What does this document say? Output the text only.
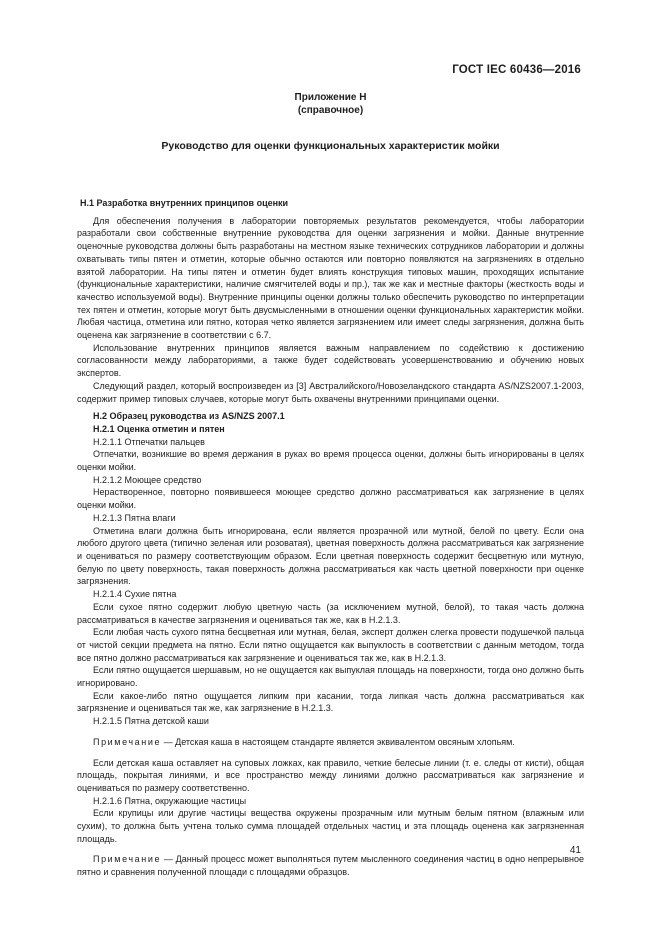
ГОСТ IEC 60436—2016
Приложение Н
(справочное)
Руководство для оценки функциональных характеристик мойки
Н.1 Разработка внутренних принципов оценки

Для обеспечения получения в лаборатории повторяемых результатов рекомендуется, чтобы лаборатории разработали свои собственные внутренние руководства для оценки загрязнения и мойки. Данные внутренние оценочные руководства должны быть разработаны на местном языке технических сотрудников лаборатории и должны охватывать типы пятен и отметин, которые обычно остаются или повторно появляются на загрязнениях в отдельно взятой лаборатории. На типы пятен и отметин будет влиять конструкция типовых машин, проходящих испытание (функциональные характеристики, наличие смягчителей воды и пр.), так же как и местные факторы (жесткость воды и качество используемой воды). Внутренние принципы оценки должны только обеспечить руководство по интерпретации тех пятен и отметин, которые могут быть двусмысленными в отношении оценки функциональных характеристик мойки. Любая частица, отметина или пятно, которая четко является загрязнением или имеет следы загрязнения, должна быть оценена как загрязнение в соответствии с 6.7.

Использование внутренних принципов является важным направлением по содействию к достижению согласованности между лабораториями, а также будет содействовать усовершенствованию и обучению новых экспертов.

Следующий раздел, который воспроизведен из [3] Австралийского/Новозеландского стандарта AS/NZS2007.1-2003, содержит пример типовых случаев, которые могут быть охвачены внутренними принципами оценки.

Н.2 Образец руководства из AS/NZS 2007.1
Н.2.1 Оценка отметин и пятен
Н.2.1.1 Отпечатки пальцев

Отпечатки, возникшие во время держания в руках во время процесса оценки, должны быть игнорированы в целях оценки мойки.

Н.2.1.2 Моющее средство

Нерастворенное, повторно появившееся моющее средство должно рассматриваться как загрязнение в целях оценки мойки.

Н.2.1.3 Пятна влаги

Отметина влаги должна быть игнорирована, если является прозрачной или мутной, белой по цвету. Если она любого другого цвета (типично зеленая или розоватая), цветная поверхность должна рассматриваться как загрязнение и оцениваться по размеру соответствующим образом. Если цветная поверхность содержит бесцветную или мутную, белую по цвету поверхность, такая поверхность должна рассматриваться как часть цветной поверхности при оценке загрязнения.

Н.2.1.4 Сухие пятна

Если сухое пятно содержит любую цветную часть (за исключением мутной, белой), то такая часть должна рассматриваться в качестве загрязнения и оцениваться так же, как в Н.2.1.3.

Если любая часть сухого пятна бесцветная или мутная, белая, эксперт должен слегка провести подушечкой пальца от чистой секции предмета на пятно. Если пятно ощущается как выпуклость в соответствии с данным методом, тогда все пятно должно рассматриваться как загрязнение и оцениваться так же, как в Н.2.1.3.

Если пятно ощущается шершавым, но не ощущается как выпуклая площадь на поверхности, тогда оно должно быть игнорировано.

Если какое-либо пятно ощущается липким при касании, тогда липкая часть должна рассматриваться как загрязнение и оцениваться так же, как загрязнение в Н.2.1.3.

Н.2.1.5 Пятна детской каши

Примечание — Детская каша в настоящем стандарте является эквивалентом овсяным хлопьям.

Если детская каша оставляет на суповых ложках, как правило, четкие белесые линии (т. е. следы от кисти), общая площадь, покрытая линиями, и все пространство между линиями должно рассматриваться как загрязнение и оцениваться по размеру соответственно.

Н.2.1.6 Пятна, окружающие частицы

Если крупицы или другие частицы вещества окружены прозрачным или мутным белым пятном (влажным или сухим), то должна быть учтена только сумма площадей отдельных частиц и эта площадь оценена как загрязненная площадь.

Примечание — Данный процесс может выполняться путем мысленного соединения частиц в одно непрерывное пятно и сравнения полученной площади с площадями образцов.

41
